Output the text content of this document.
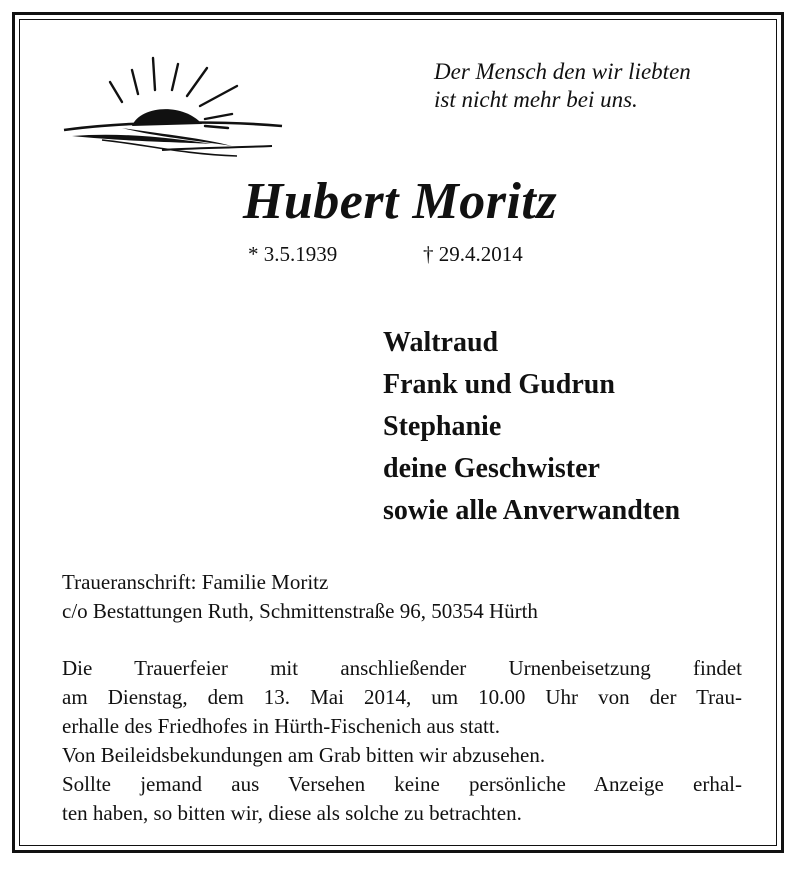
Der Mensch den wir liebten
ist nicht mehr bei uns.
Hubert Moritz
* 3.5.1939	† 29.4.2014
Waltraud
Frank und Gudrun
Stephanie
deine Geschwister
sowie alle Anverwandten
Traueranschrift: Familie Moritz
c/o Bestattungen Ruth, Schmittenstraße 96, 50354 Hürth
Die Trauerfeier mit anschließender Urnenbeisetzung findet
am Dienstag, dem 13. Mai 2014, um 10.00 Uhr von der Trau-
erhalle des Friedhofes in Hürth-Fischenich aus statt.
Von Beileidsbekundungen am Grab bitten wir abzusehen.
Sollte jemand aus Versehen keine persönliche Anzeige erhal-
ten haben, so bitten wir, diese als solche zu betrachten.
